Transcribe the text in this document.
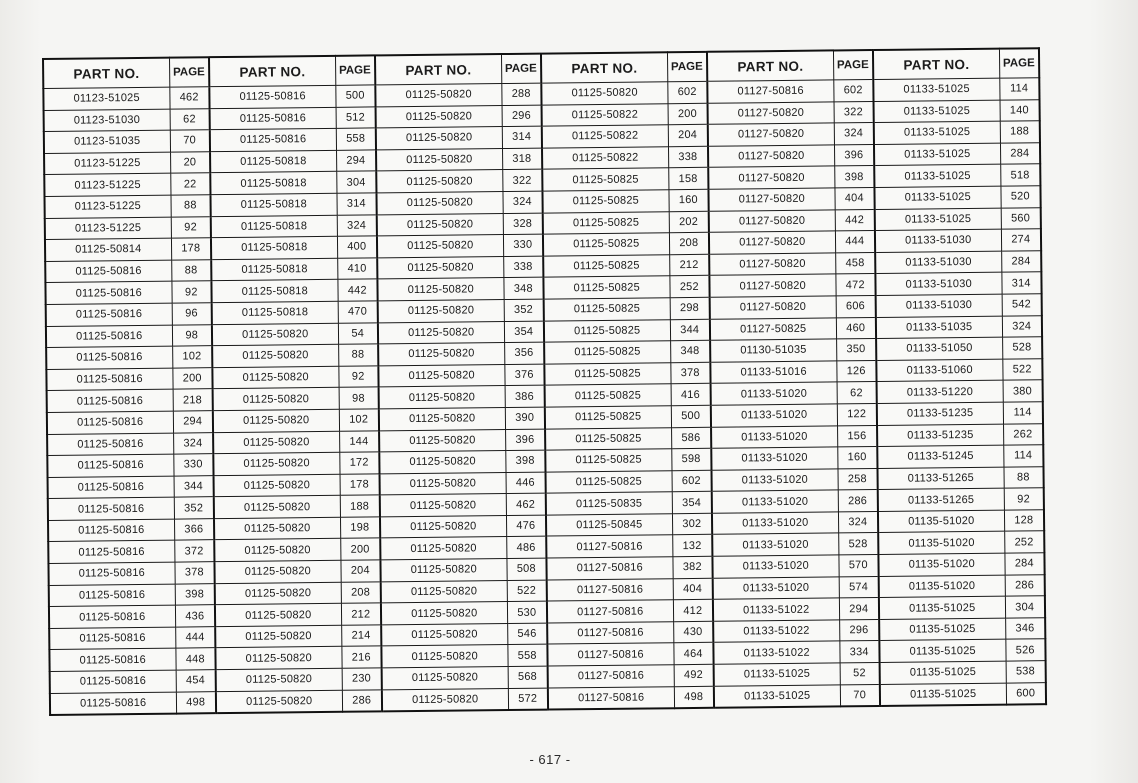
PART NO.	PAGE	PART NO.	PAGE	PART NO.	PAGE	PART NO.	PAGE	PART NO.	PAGE	PART NO.	PAGE
01123-51025	462	01125-50816	500	01125-50820	288	01125-50820	602	01127-50816	602	01133-51025	114
01123-51030	62	01125-50816	512	01125-50820	296	01125-50822	200	01127-50820	322	01133-51025	140
01123-51035	70	01125-50816	558	01125-50820	314	01125-50822	204	01127-50820	324	01133-51025	188
01123-51225	20	01125-50818	294	01125-50820	318	01125-50822	338	01127-50820	396	01133-51025	284
01123-51225	22	01125-50818	304	01125-50820	322	01125-50825	158	01127-50820	398	01133-51025	518
01123-51225	88	01125-50818	314	01125-50820	324	01125-50825	160	01127-50820	404	01133-51025	520
01123-51225	92	01125-50818	324	01125-50820	328	01125-50825	202	01127-50820	442	01133-51025	560
01125-50814	178	01125-50818	400	01125-50820	330	01125-50825	208	01127-50820	444	01133-51030	274
01125-50816	88	01125-50818	410	01125-50820	338	01125-50825	212	01127-50820	458	01133-51030	284
01125-50816	92	01125-50818	442	01125-50820	348	01125-50825	252	01127-50820	472	01133-51030	314
01125-50816	96	01125-50818	470	01125-50820	352	01125-50825	298	01127-50820	606	01133-51030	542
01125-50816	98	01125-50820	54	01125-50820	354	01125-50825	344	01127-50825	460	01133-51035	324
01125-50816	102	01125-50820	88	01125-50820	356	01125-50825	348	01130-51035	350	01133-51050	528
01125-50816	200	01125-50820	92	01125-50820	376	01125-50825	378	01133-51016	126	01133-51060	522
01125-50816	218	01125-50820	98	01125-50820	386	01125-50825	416	01133-51020	62	01133-51220	380
01125-50816	294	01125-50820	102	01125-50820	390	01125-50825	500	01133-51020	122	01133-51235	114
01125-50816	324	01125-50820	144	01125-50820	396	01125-50825	586	01133-51020	156	01133-51235	262
01125-50816	330	01125-50820	172	01125-50820	398	01125-50825	598	01133-51020	160	01133-51245	114
01125-50816	344	01125-50820	178	01125-50820	446	01125-50825	602	01133-51020	258	01133-51265	88
01125-50816	352	01125-50820	188	01125-50820	462	01125-50835	354	01133-51020	286	01133-51265	92
01125-50816	366	01125-50820	198	01125-50820	476	01125-50845	302	01133-51020	324	01135-51020	128
01125-50816	372	01125-50820	200	01125-50820	486	01127-50816	132	01133-51020	528	01135-51020	252
01125-50816	378	01125-50820	204	01125-50820	508	01127-50816	382	01133-51020	570	01135-51020	284
01125-50816	398	01125-50820	208	01125-50820	522	01127-50816	404	01133-51020	574	01135-51020	286
01125-50816	436	01125-50820	212	01125-50820	530	01127-50816	412	01133-51022	294	01135-51025	304
01125-50816	444	01125-50820	214	01125-50820	546	01127-50816	430	01133-51022	296	01135-51025	346
01125-50816	448	01125-50820	216	01125-50820	558	01127-50816	464	01133-51022	334	01135-51025	526
01125-50816	454	01125-50820	230	01125-50820	568	01127-50816	492	01133-51025	52	01135-51025	538
01125-50816	498	01125-50820	286	01125-50820	572	01127-50816	498	01133-51025	70	01135-51025	600
- 617 -
